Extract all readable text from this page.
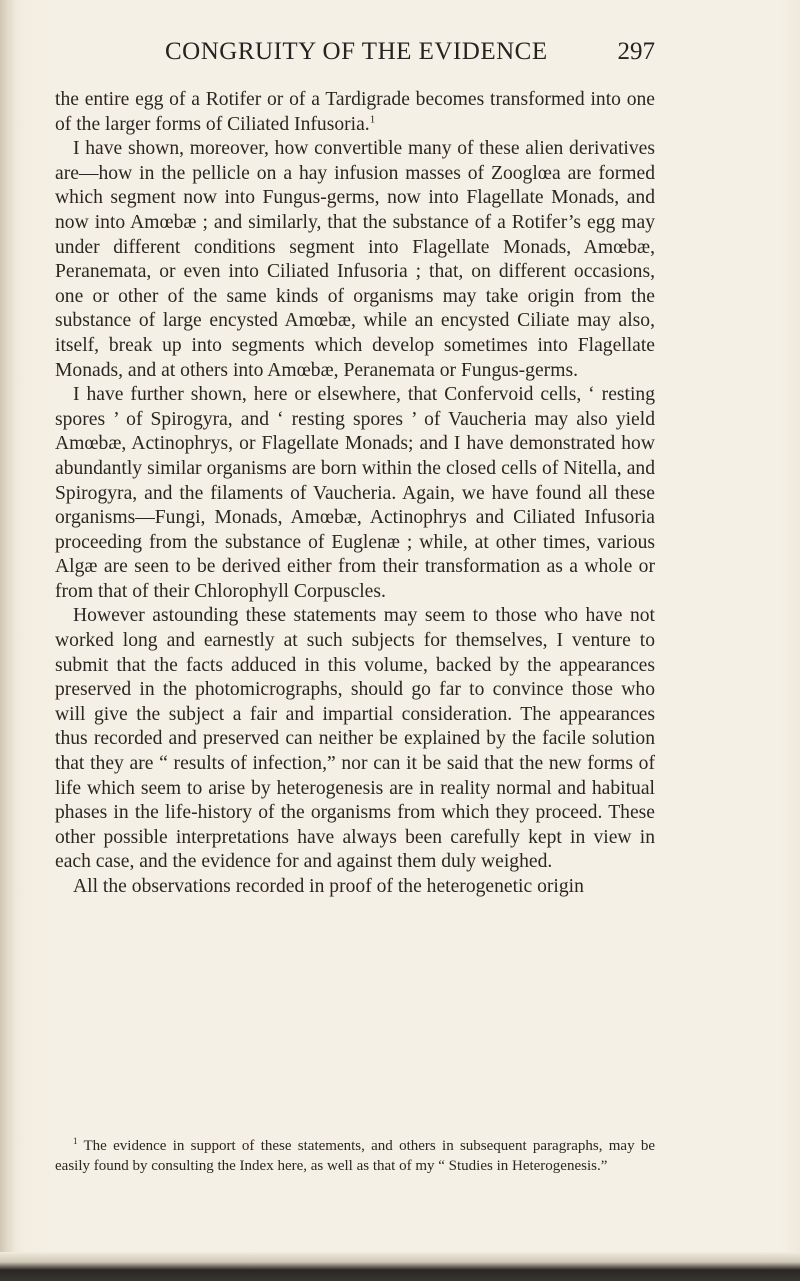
CONGRUITY OF THE EVIDENCE	297

the entire egg of a Rotifer or of a Tardigrade becomes transformed into one of the larger forms of Ciliated Infusoria.$^1$

I have shown, moreover, how convertible many of these alien derivatives are—how in the pellicle on a hay infusion masses of Zooglœa are formed which segment now into Fungus-germs, now into Flagellate Monads, and now into Amœbæ ; and similarly, that the substance of a Rotifer’s egg may under different conditions segment into Flagellate Monads, Amœbæ, Peranemata, or even into Ciliated Infusoria ; that, on different occasions, one or other of the same kinds of organisms may take origin from the substance of large encysted Amœbæ, while an encysted Ciliate may also, itself, break up into segments which develop sometimes into Flagellate Monads, and at others into Amœbæ, Peranemata or Fungus-germs.

I have further shown, here or elsewhere, that Confervoid cells, ‘ resting spores ’ of Spirogyra, and ‘ resting spores ’ of Vaucheria may also yield Amœbæ, Actinophrys, or Flagellate Monads; and I have demonstrated how abundantly similar organisms are born within the closed cells of Nitella, and Spirogyra, and the filaments of Vaucheria. Again, we have found all these organisms—Fungi, Monads, Amœbæ, Actinophrys and Ciliated Infusoria proceeding from the substance of Euglenæ ; while, at other times, various Algæ are seen to be derived either from their transformation as a whole or from that of their Chlorophyll Corpuscles.

However astounding these statements may seem to those who have not worked long and earnestly at such subjects for themselves, I venture to submit that the facts adduced in this volume, backed by the appearances preserved in the photomicrographs, should go far to convince those who will give the subject a fair and impartial consideration. The appearances thus recorded and preserved can neither be explained by the facile solution that they are “ results of infection,” nor can it be said that the new forms of life which seem to arise by heterogenesis are in reality normal and habitual phases in the life-history of the organisms from which they proceed. These other possible interpretations have always been carefully kept in view in each case, and the evidence for and against them duly weighed.

All the observations recorded in proof of the heterogenetic origin

$^1$ The evidence in support of these statements, and others in subsequent paragraphs, may be easily found by consulting the Index here, as well as that of my “ Studies in Heterogenesis.”
